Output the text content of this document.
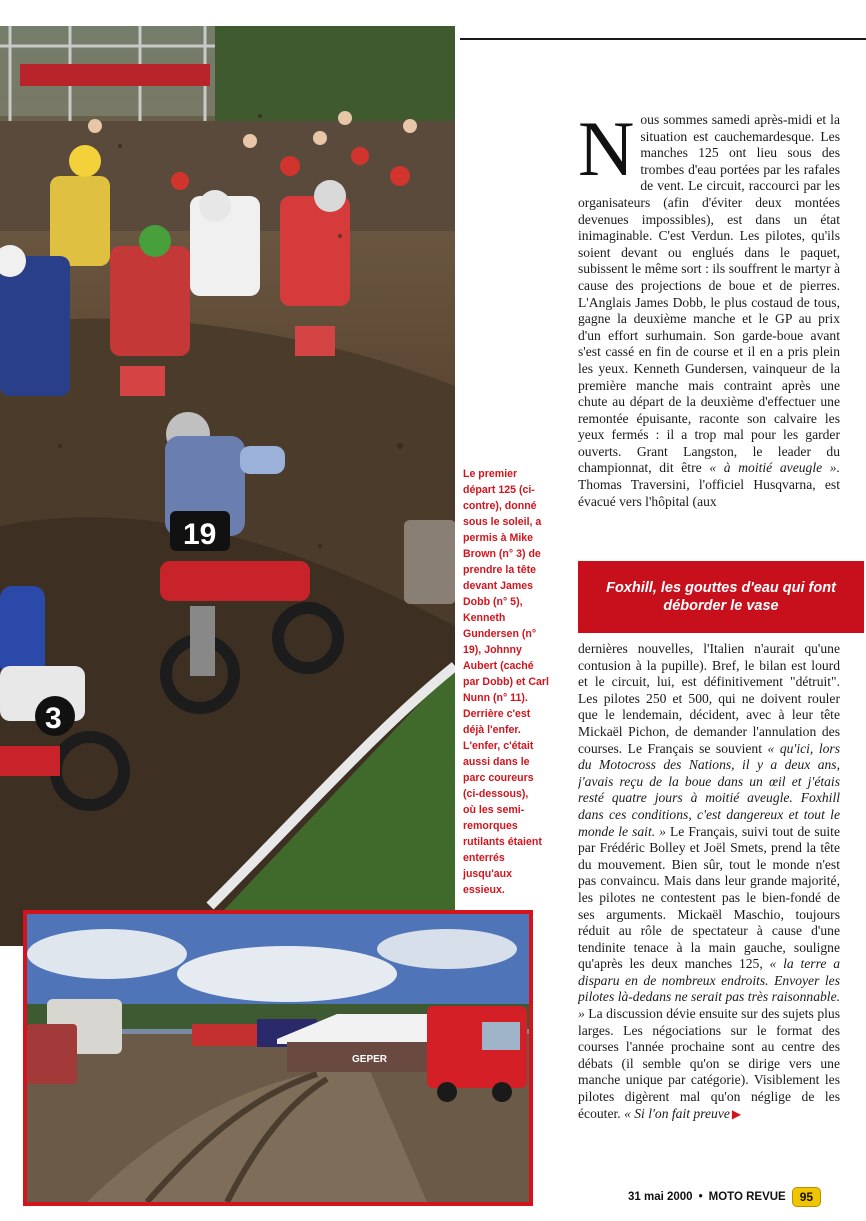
19
3
Le premier
départ 125 (ci-
contre), donné
sous le soleil, a
permis à Mike
Brown (n° 3) de
prendre la tête
devant James
Dobb (n° 5),
Kenneth
Gundersen (n°
19), Johnny
Aubert (caché
par Dobb) et Carl
Nunn (n° 11).
Derrière c'est
déjà l'enfer.
L'enfer, c'était
aussi dans le
parc coureurs
(ci-dessous),
où les semi-
remorques
rutilants étaient
enterrés
jusqu'aux
essieux.
Nous sommes samedi après-midi et la situation est cauchemardesque. Les manches 125 ont lieu sous des trombes d'eau portées par les rafales de vent. Le circuit, raccourci par les organisateurs (afin d'éviter deux montées devenues impossibles), est dans un état inimaginable. C'est Verdun. Les pilotes, qu'ils soient devant ou englués dans le paquet, subissent le même sort : ils souffrent le martyr à cause des projections de boue et de pierres. L'Anglais James Dobb, le plus costaud de tous, gagne la deuxième manche et le GP au prix d'un effort surhumain. Son garde-boue avant s'est cassé en fin de course et il en a pris plein les yeux. Kenneth Gundersen, vainqueur de la première manche mais contraint après une chute au départ de la deuxième d'effectuer une remontée épuisante, raconte son calvaire les yeux fermés : il a trop mal pour les garder ouverts. Grant Langston, le leader du championnat, dit être « à moitié aveugle ». Thomas Traversini, l'officiel Husqvarna, est évacué vers l'hôpital (aux
Foxhill, les gouttes d'eau qui font déborder le vase
dernières nouvelles, l'Italien n'aurait qu'une contusion à la pupille). Bref, le bilan est lourd et le circuit, lui, est définitivement "détruit". Les pilotes 250 et 500, qui ne doivent rouler que le lendemain, décident, avec à leur tête Mickaël Pichon, de demander l'annulation des courses. Le Français se souvient « qu'ici, lors du Motocross des Nations, il y a deux ans, j'avais reçu de la boue dans un œil et j'étais resté quatre jours à moitié aveugle. Foxhill dans ces conditions, c'est dangereux et tout le monde le sait. » Le Français, suivi tout de suite par Frédéric Bolley et Joël Smets, prend la tête du mouvement. Bien sûr, tout le monde n'est pas convaincu. Mais dans leur grande majorité, les pilotes ne contestent pas le bien-fondé de ses arguments. Mickaël Maschio, toujours réduit au rôle de spectateur à cause d'une tendinite tenace à la main gauche, souligne qu'après les deux manches 125, « la terre a disparu en de nombreux endroits. Envoyer les pilotes là-dedans ne serait pas très raisonnable. » La discussion dévie ensuite sur des sujets plus larges. Les négociations sur le format des courses l'année prochaine sont au centre des débats (il semble qu'on se dirige vers une manche unique par catégorie). Visiblement les pilotes digèrent mal qu'on néglige de les écouter. « Si l'on fait preuve ▶
GEPER
31 mai 2000 • MOTO REVUE	95
